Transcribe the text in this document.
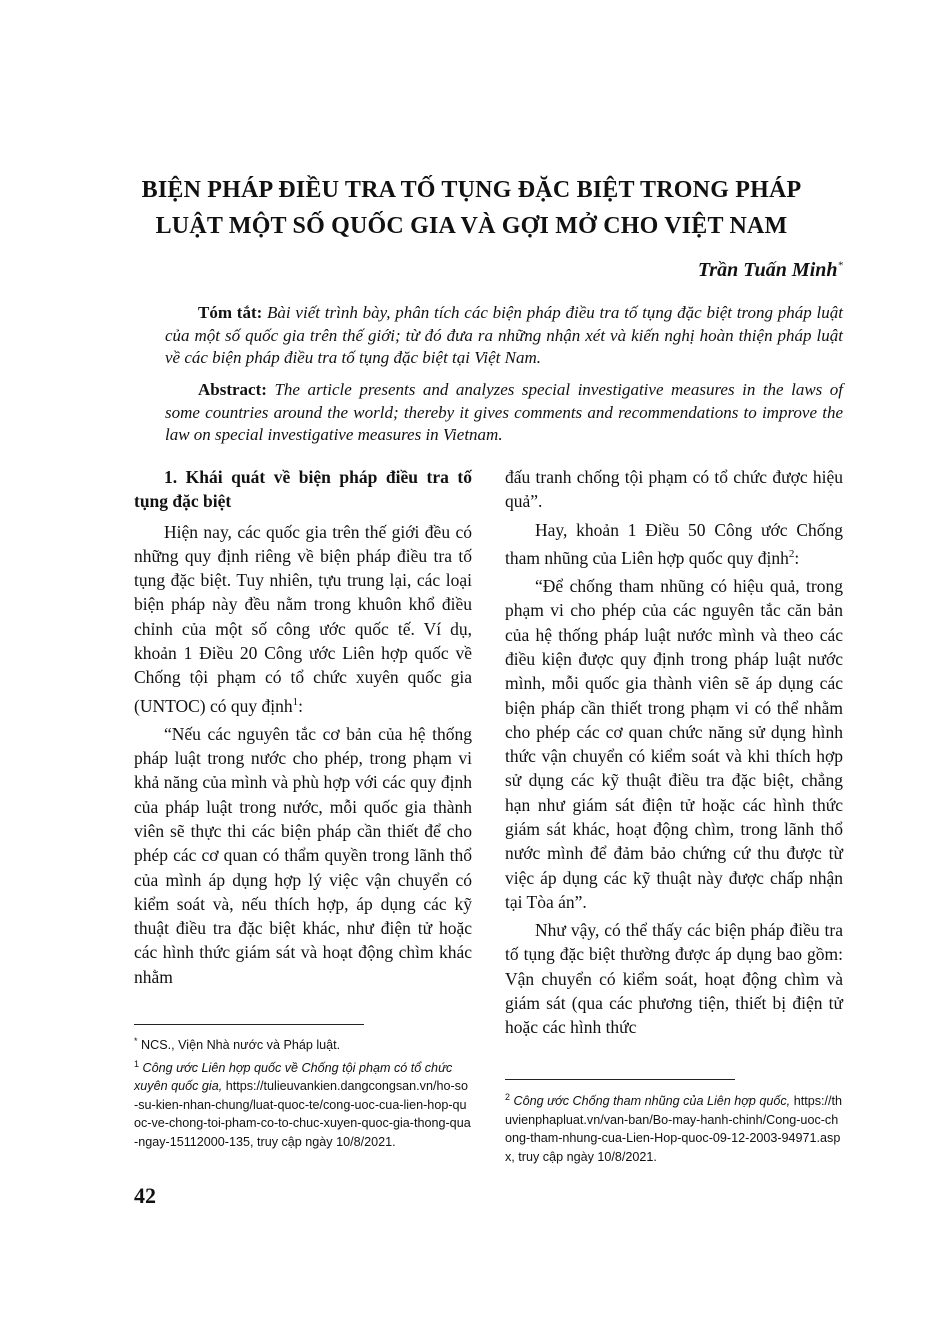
BIỆN PHÁP ĐIỀU TRA TỐ TỤNG ĐẶC BIỆT TRONG PHÁP
LUẬT MỘT SỐ QUỐC GIA VÀ GỢI MỞ CHO VIỆT NAM

Trần Tuấn Minh*

Tóm tắt: Bài viết trình bày, phân tích các biện pháp điều tra tố tụng đặc biệt trong pháp luật của một số quốc gia trên thế giới; từ đó đưa ra những nhận xét và kiến nghị hoàn thiện pháp luật về các biện pháp điều tra tố tụng đặc biệt tại Việt Nam.

Abstract: The article presents and analyzes special investigative measures in the laws of some countries around the world; thereby it gives comments and recommendations to improve the law on special investigative measures in Vietnam.

1. Khái quát về biện pháp điều tra tố tụng đặc biệt

Hiện nay, các quốc gia trên thế giới đều có những quy định riêng về biện pháp điều tra tố tụng đặc biệt. Tuy nhiên, tựu trung lại, các loại biện pháp này đều nằm trong khuôn khổ điều chỉnh của một số công ước quốc tế. Ví dụ, khoản 1 Điều 20 Công ước Liên hợp quốc về Chống tội phạm có tổ chức xuyên quốc gia (UNTOC) có quy định$^1$:

“Nếu các nguyên tắc cơ bản của hệ thống pháp luật trong nước cho phép, trong phạm vi khả năng của mình và phù hợp với các quy định của pháp luật trong nước, mỗi quốc gia thành viên sẽ thực thi các biện pháp cần thiết để cho phép các cơ quan có thẩm quyền trong lãnh thổ của mình áp dụng hợp lý việc vận chuyển có kiểm soát và, nếu thích hợp, áp dụng các kỹ thuật điều tra đặc biệt khác, như điện tử hoặc các hình thức giám sát và hoạt động chìm khác nhằm

đấu tranh chống tội phạm có tổ chức được hiệu quả”.

Hay, khoản 1 Điều 50 Công ước Chống tham nhũng của Liên hợp quốc quy định$^2$:

“Để chống tham nhũng có hiệu quả, trong phạm vi cho phép của các nguyên tắc căn bản của hệ thống pháp luật nước mình và theo các điều kiện được quy định trong pháp luật nước mình, mỗi quốc gia thành viên sẽ áp dụng các biện pháp cần thiết trong phạm vi có thể nhằm cho phép các cơ quan chức năng sử dụng hình thức vận chuyển có kiểm soát và khi thích hợp sử dụng các kỹ thuật điều tra đặc biệt, chẳng hạn như giám sát điện tử hoặc các hình thức giám sát khác, hoạt động chìm, trong lãnh thổ nước mình để đảm bảo chứng cứ thu được từ việc áp dụng các kỹ thuật này được chấp nhận tại Tòa án”.

Như vậy, có thể thấy các biện pháp điều tra tố tụng đặc biệt thường được áp dụng bao gồm: Vận chuyển có kiểm soát, hoạt động chìm và giám sát (qua các phương tiện, thiết bị điện tử hoặc các hình thức

* NCS., Viện Nhà nước và Pháp luật.

$^1$ Công ước Liên hợp quốc về Chống tội phạm có tổ chức xuyên quốc gia, https://tulieuvankien.dangcongsan.vn/ho-so-su-kien-nhan-chung/luat-quoc-te/cong-uoc-cua-lien-hop-quoc-ve-chong-toi-pham-co-to-chuc-xuyen-quoc-gia-thong-qua-ngay-15112000-135, truy cập ngày 10/8/2021.

$^2$ Công ước Chống tham nhũng của Liên hợp quốc, https://thuvienphapluat.vn/van-ban/Bo-may-hanh-chinh/Cong-uoc-chong-tham-nhung-cua-Lien-Hop-quoc-09-12-2003-94971.aspx, truy cập ngày 10/8/2021.

42
